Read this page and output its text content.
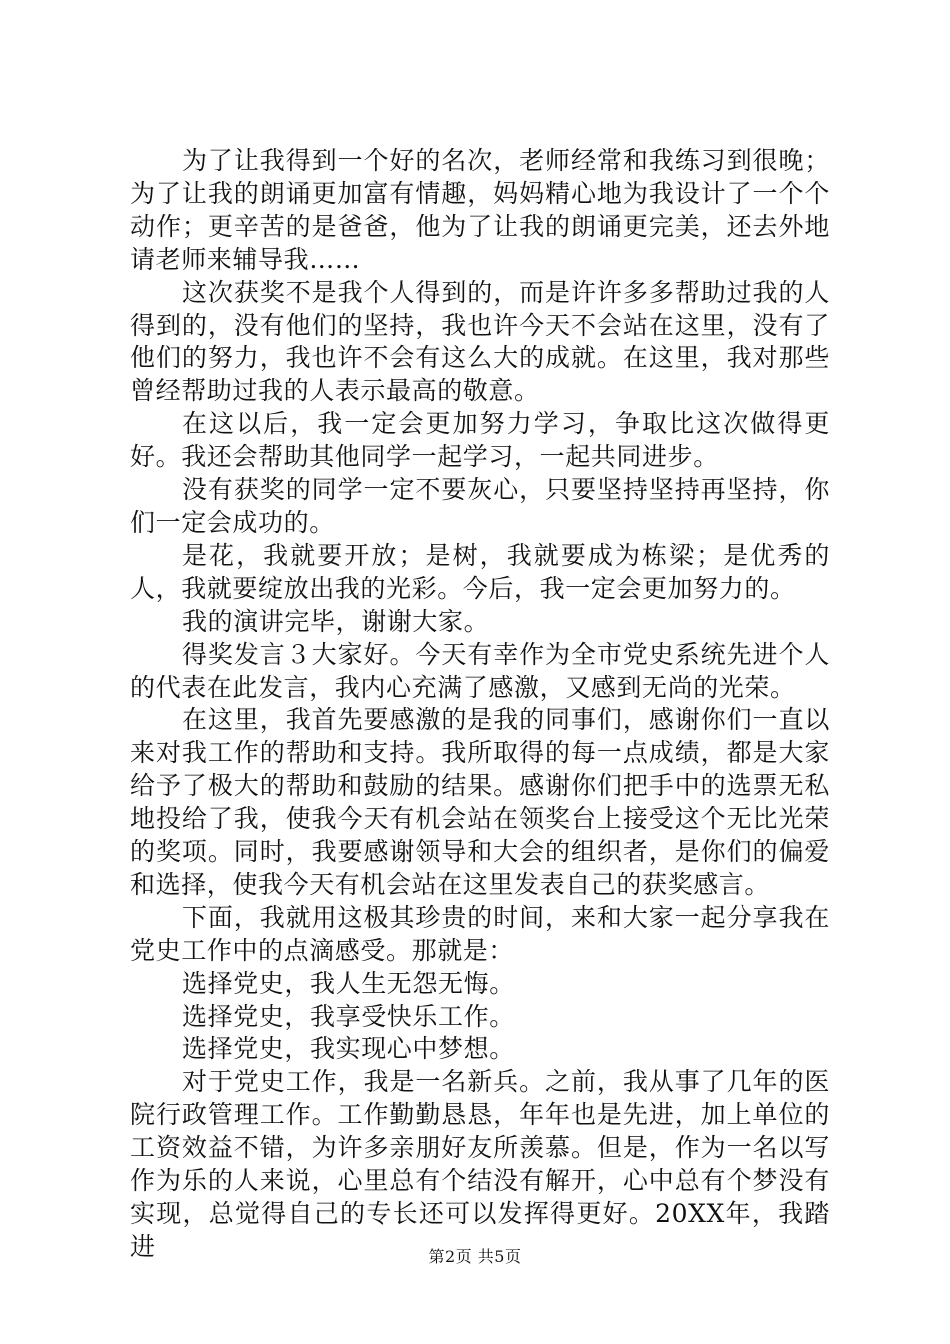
为了让我得到一个好的名次，老师经常和我练习到很晚；为了让我的朗诵更加富有情趣，妈妈精心地为我设计了一个个动作；更辛苦的是爸爸，他为了让我的朗诵更完美，还去外地请老师来辅导我……

这次获奖不是我个人得到的，而是许许多多帮助过我的人得到的，没有他们的坚持，我也许今天不会站在这里，没有了他们的努力，我也许不会有这么大的成就。在这里，我对那些曾经帮助过我的人表示最高的敬意。

在这以后，我一定会更加努力学习，争取比这次做得更好。我还会帮助其他同学一起学习，一起共同进步。

没有获奖的同学一定不要灰心，只要坚持坚持再坚持，你们一定会成功的。

是花，我就要开放；是树，我就要成为栋梁；是优秀的人，我就要绽放出我的光彩。今后，我一定会更加努力的。

我的演讲完毕，谢谢大家。

得奖发言３大家好。今天有幸作为全市党史系统先进个人的代表在此发言，我内心充满了感激，又感到无尚的光荣。

在这里，我首先要感激的是我的同事们，感谢你们一直以来对我工作的帮助和支持。我所取得的每一点成绩，都是大家给予了极大的帮助和鼓励的结果。感谢你们把手中的选票无私地投给了我，使我今天有机会站在领奖台上接受这个无比光荣的奖项。同时，我要感谢领导和大会的组织者，是你们的偏爱和选择，使我今天有机会站在这里发表自己的获奖感言。

下面，我就用这极其珍贵的时间，来和大家一起分享我在党史工作中的点滴感受。那就是：

选择党史，我人生无怨无悔。

选择党史，我享受快乐工作。

选择党史，我实现心中梦想。

对于党史工作，我是一名新兵。之前，我从事了几年的医院行政管理工作。工作勤勤恳恳，年年也是先进，加上单位的工资效益不错，为许多亲朋好友所羡慕。但是，作为一名以写作为乐的人来说，心里总有个结没有解开，心中总有个梦没有实现，总觉得自己的专长还可以发挥得更好。20XX年，我踏进	第2页 共5页
